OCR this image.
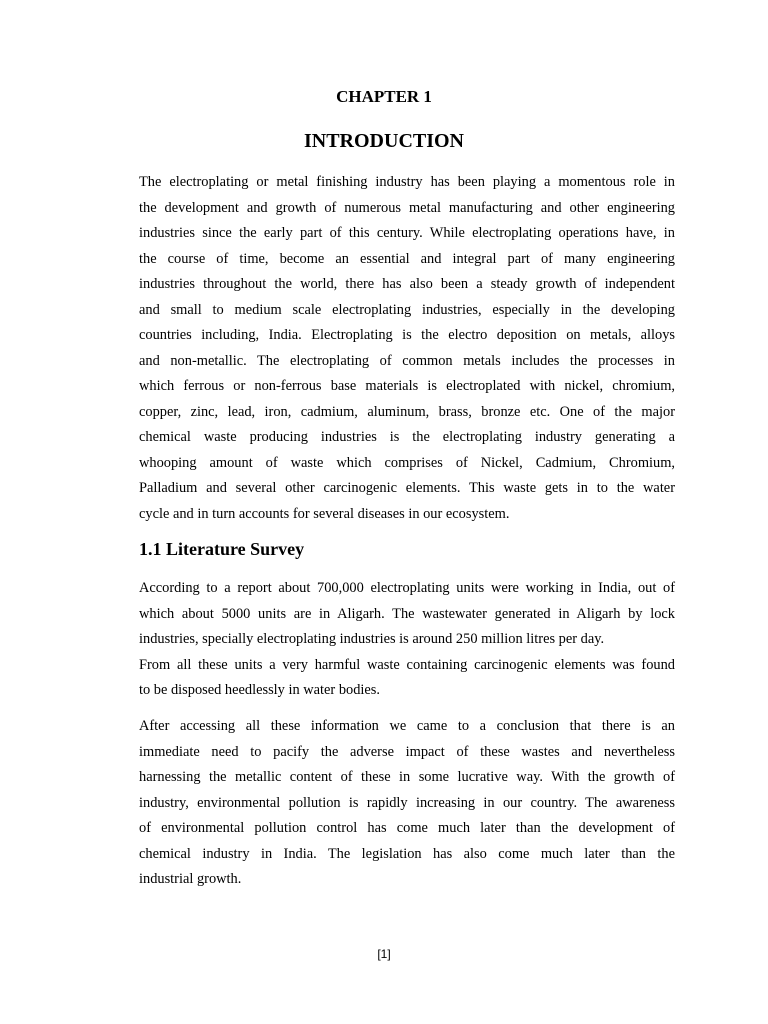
CHAPTER 1
INTRODUCTION
The electroplating or metal finishing industry has been playing a momentous role in
the development and growth of numerous metal manufacturing and other engineering
industries since the early part of this century. While electroplating operations have, in
the course of time, become an essential and integral part of many engineering
industries throughout the world, there has also been a steady growth of independent
and small to medium scale electroplating industries, especially in the developing
countries including, India. Electroplating is the electro deposition on metals, alloys
and non-metallic. The electroplating of common metals includes the processes in
which ferrous or non-ferrous base materials is electroplated with nickel, chromium,
copper, zinc, lead, iron, cadmium, aluminum, brass, bronze etc. One of the major
chemical waste producing industries is the electroplating industry generating a
whooping amount of waste which comprises of Nickel, Cadmium, Chromium,
Palladium and several other carcinogenic elements. This waste gets in to the water
cycle and in turn accounts for several diseases in our ecosystem.
1.1 Literature Survey
According to a report about 700,000 electroplating units were working in India, out of
which about 5000 units are in Aligarh. The wastewater generated in Aligarh by lock
industries, specially electroplating industries is around 250 million litres per day.
From all these units a very harmful waste containing carcinogenic elements was found
to be disposed heedlessly in water bodies.
After accessing all these information we came to a conclusion that there is an
immediate need to pacify the adverse impact of these wastes and nevertheless
harnessing the metallic content of these in some lucrative way. With the growth of
industry, environmental pollution is rapidly increasing in our country. The awareness
of environmental pollution control has come much later than the development of
chemical industry in India. The legislation has also come much later than the
industrial growth.
[1]
